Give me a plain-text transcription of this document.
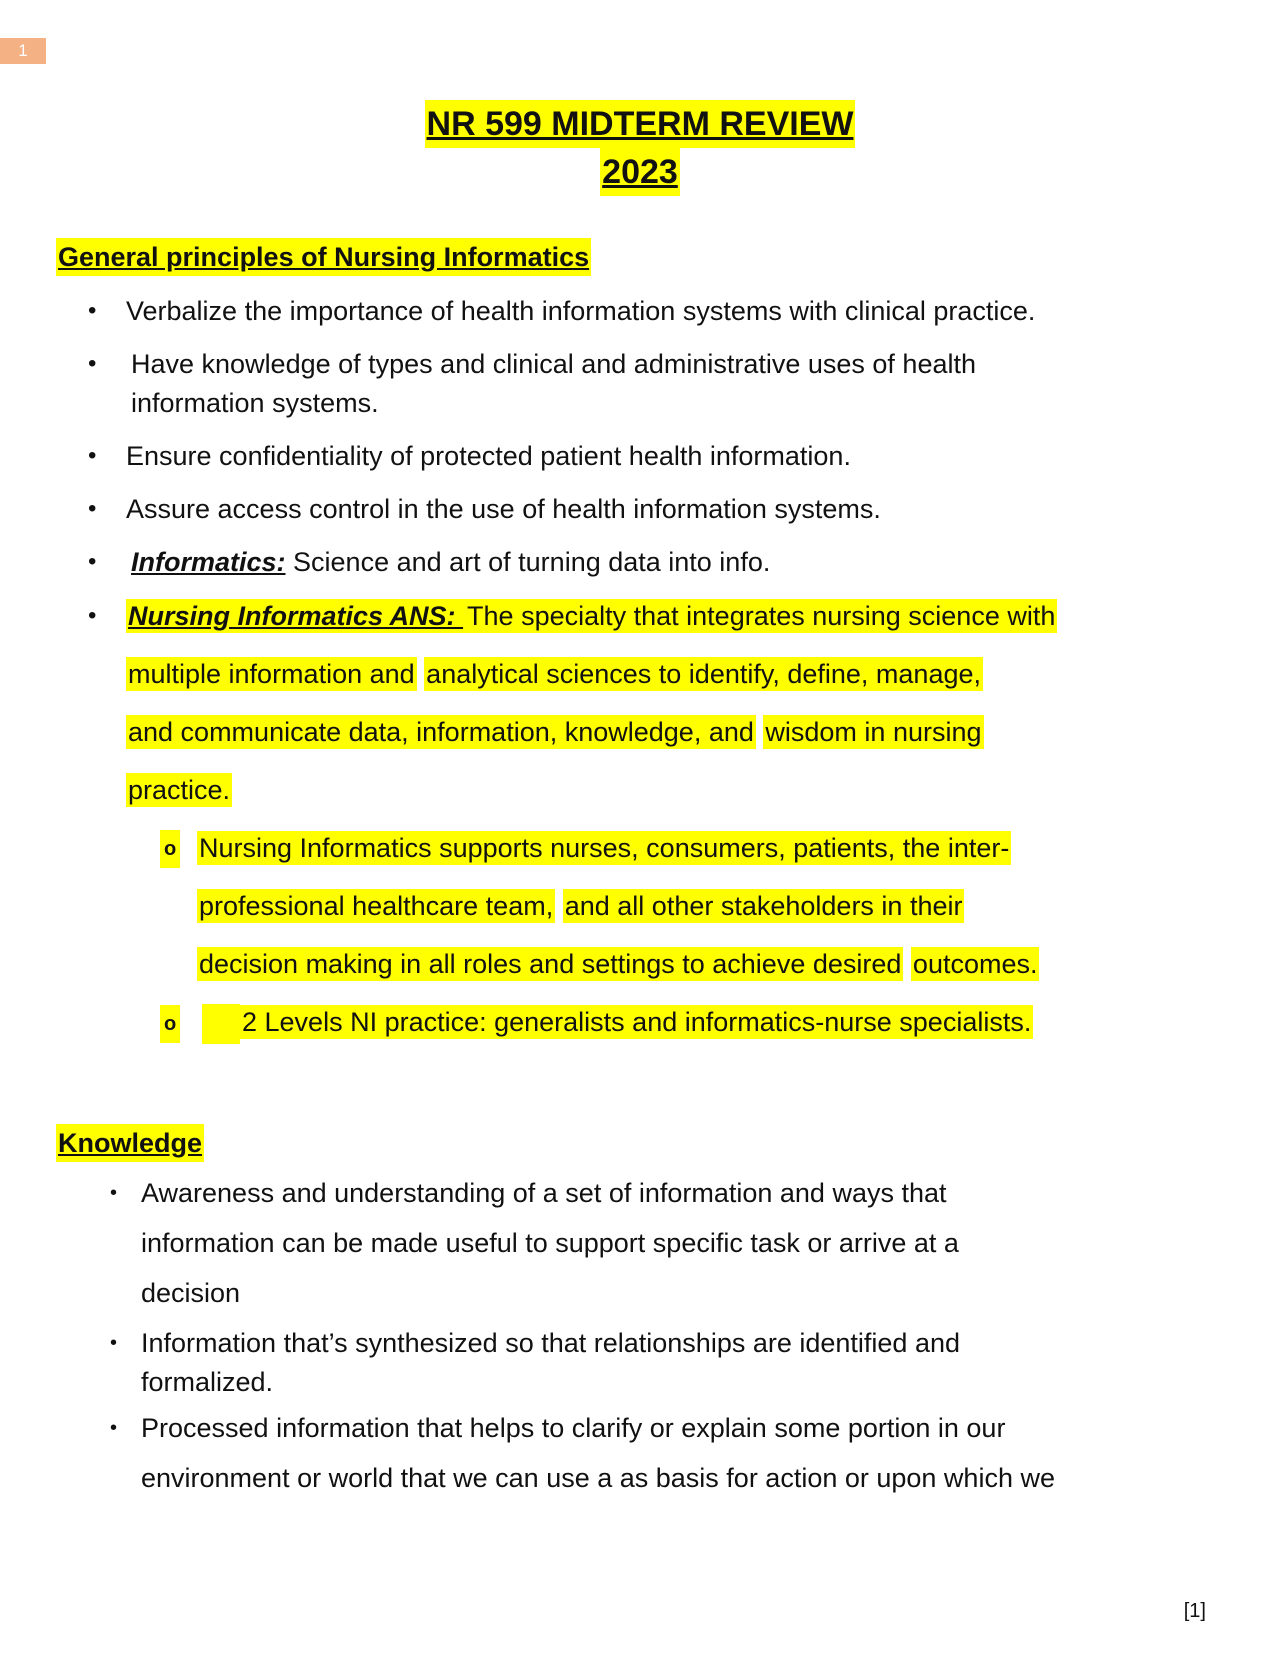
1
NR 599 MIDTERM REVIEW
2023
General principles of Nursing Informatics
• Verbalize the importance of health information systems with clinical practice.
• Have knowledge of types and clinical and administrative uses of health
information systems.
• Ensure confidentiality of protected patient health information.
• Assure access control in the use of health information systems.
• Informatics: Science and art of turning data into info.
• Nursing Informatics ANS: The specialty that integrates nursing science with
multiple information and analytical sciences to identify, define, manage,
and communicate data, information, knowledge, and wisdom in nursing
practice.
o Nursing Informatics supports nurses, consumers, patients, the inter-
professional healthcare team, and all other stakeholders in their
decision making in all roles and settings to achieve desired outcomes.
o 2 Levels NI practice: generalists and informatics-nurse specialists.
Knowledge
• Awareness and understanding of a set of information and ways that
information can be made useful to support specific task or arrive at a
decision
• Information that’s synthesized so that relationships are identified and
formalized.
• Processed information that helps to clarify or explain some portion in our
environment or world that we can use a as basis for action or upon which we
[1]
